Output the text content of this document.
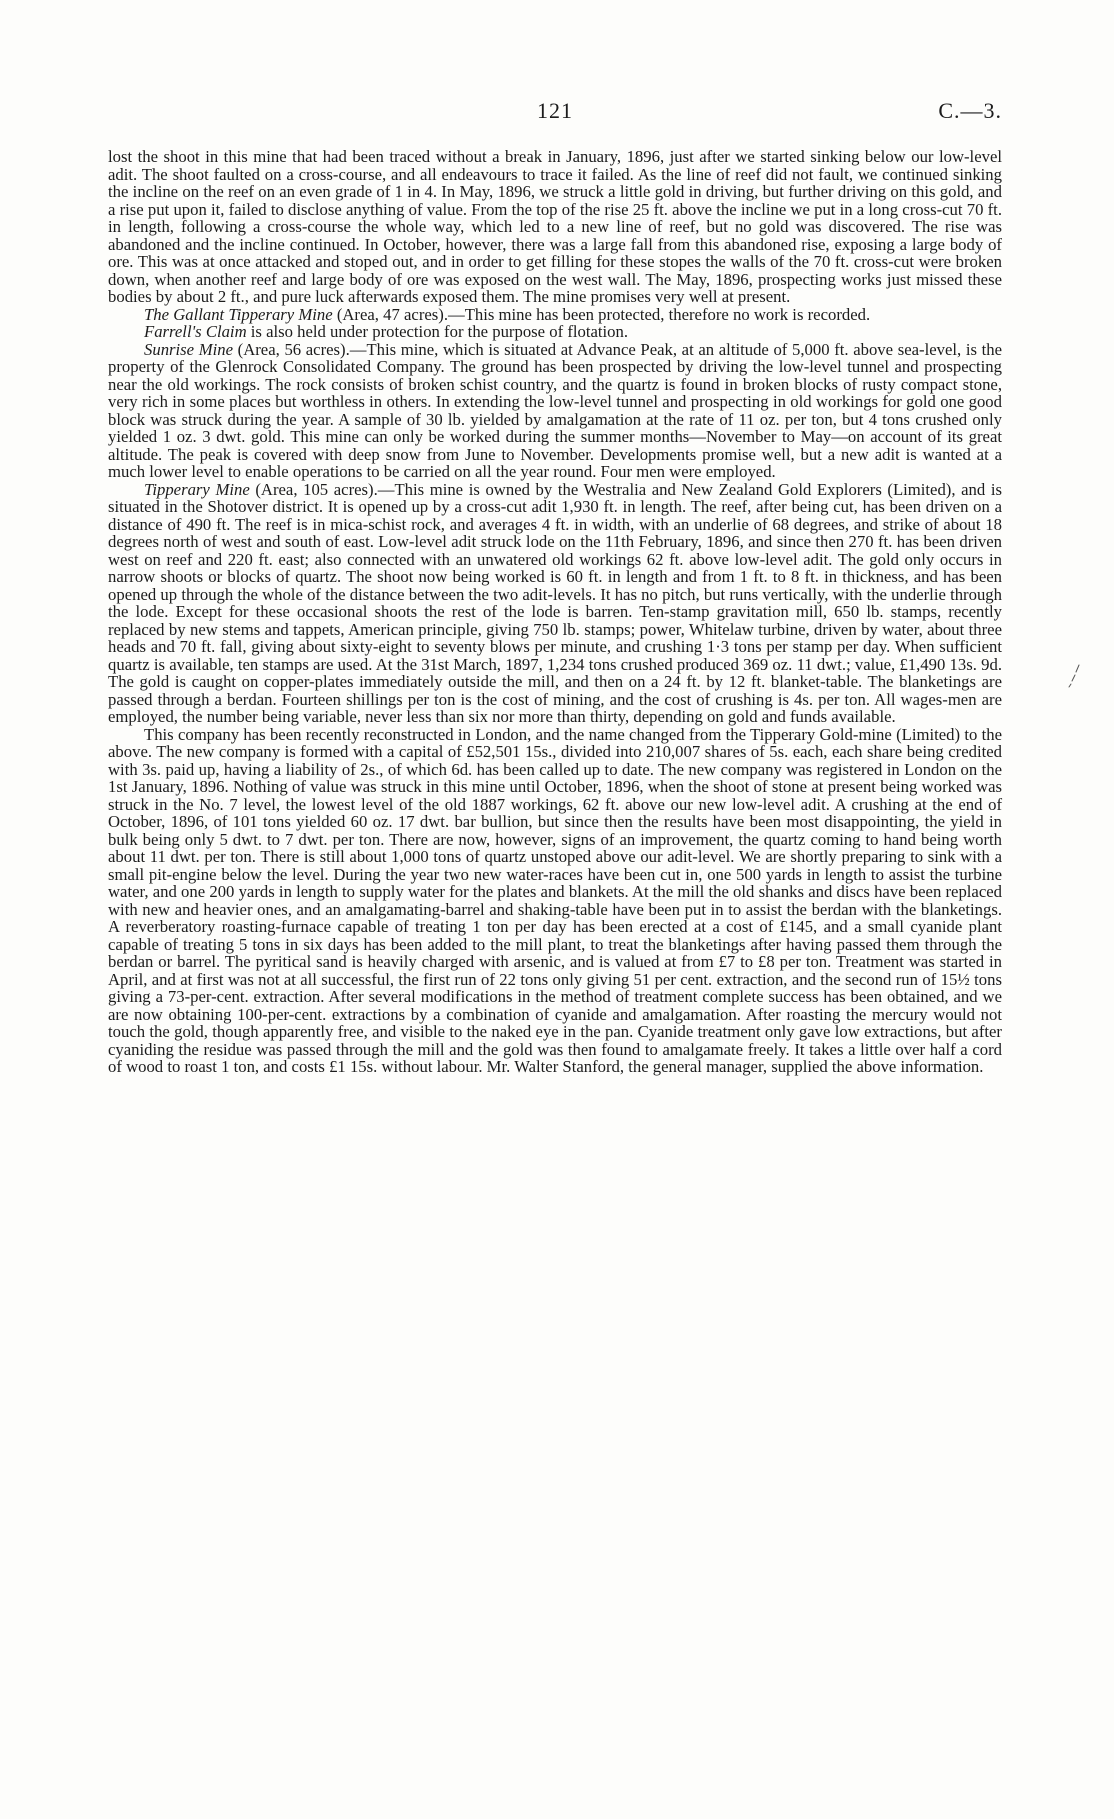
121	C.—3.

lost the shoot in this mine that had been traced without a break in January, 1896, just after we started sinking below our low-level adit. The shoot faulted on a cross-course, and all endeavours to trace it failed. As the line of reef did not fault, we continued sinking the incline on the reef on an even grade of 1 in 4. In May, 1896, we struck a little gold in driving, but further driving on this gold, and a rise put upon it, failed to disclose anything of value. From the top of the rise 25 ft. above the incline we put in a long cross-cut 70 ft. in length, following a cross-course the whole way, which led to a new line of reef, but no gold was discovered. The rise was abandoned and the incline continued. In October, however, there was a large fall from this abandoned rise, exposing a large body of ore. This was at once attacked and stoped out, and in order to get filling for these stopes the walls of the 70 ft. cross-cut were broken down, when another reef and large body of ore was exposed on the west wall. The May, 1896, prospecting works just missed these bodies by about 2 ft., and pure luck afterwards exposed them. The mine promises very well at present.

The Gallant Tipperary Mine (Area, 47 acres).—This mine has been protected, therefore no work is recorded.

Farrell's Claim is also held under protection for the purpose of flotation.

Sunrise Mine (Area, 56 acres).—This mine, which is situated at Advance Peak, at an altitude of 5,000 ft. above sea-level, is the property of the Glenrock Consolidated Company. The ground has been prospected by driving the low-level tunnel and prospecting near the old workings. The rock consists of broken schist country, and the quartz is found in broken blocks of rusty compact stone, very rich in some places but worthless in others. In extending the low-level tunnel and prospecting in old workings for gold one good block was struck during the year. A sample of 30 lb. yielded by amalgamation at the rate of 11 oz. per ton, but 4 tons crushed only yielded 1 oz. 3 dwt. gold. This mine can only be worked during the summer months—November to May—on account of its great altitude. The peak is covered with deep snow from June to November. Developments promise well, but a new adit is wanted at a much lower level to enable operations to be carried on all the year round. Four men were employed.

Tipperary Mine (Area, 105 acres).—This mine is owned by the Westralia and New Zealand Gold Explorers (Limited), and is situated in the Shotover district. It is opened up by a cross-cut adit 1,930 ft. in length. The reef, after being cut, has been driven on a distance of 490 ft. The reef is in mica-schist rock, and averages 4 ft. in width, with an underlie of 68 degrees, and strike of about 18 degrees north of west and south of east. Low-level adit struck lode on the 11th February, 1896, and since then 270 ft. has been driven west on reef and 220 ft. east; also connected with an unwatered old workings 62 ft. above low-level adit. The gold only occurs in narrow shoots or blocks of quartz. The shoot now being worked is 60 ft. in length and from 1 ft. to 8 ft. in thickness, and has been opened up through the whole of the distance between the two adit-levels. It has no pitch, but runs vertically, with the underlie through the lode. Except for these occasional shoots the rest of the lode is barren. Ten-stamp gravitation mill, 650 lb. stamps, recently replaced by new stems and tappets, American principle, giving 750 lb. stamps; power, Whitelaw turbine, driven by water, about three heads and 70 ft. fall, giving about sixty-eight to seventy blows per minute, and crushing 1·3 tons per stamp per day. When sufficient quartz is available, ten stamps are used. At the 31st March, 1897, 1,234 tons crushed produced 369 oz. 11 dwt.; value, £1,490 13s. 9d. The gold is caught on copper-plates immediately outside the mill, and then on a 24 ft. by 12 ft. blanket-table. The blanketings are passed through a berdan. Fourteen shillings per ton is the cost of mining, and the cost of crushing is 4s. per ton. All wages-men are employed, the number being variable, never less than six nor more than thirty, depending on gold and funds available.

This company has been recently reconstructed in London, and the name changed from the Tipperary Gold-mine (Limited) to the above. The new company is formed with a capital of £52,501 15s., divided into 210,007 shares of 5s. each, each share being credited with 3s. paid up, having a liability of 2s., of which 6d. has been called up to date. The new company was registered in London on the 1st January, 1896. Nothing of value was struck in this mine until October, 1896, when the shoot of stone at present being worked was struck in the No. 7 level, the lowest level of the old 1887 workings, 62 ft. above our new low-level adit. A crushing at the end of October, 1896, of 101 tons yielded 60 oz. 17 dwt. bar bullion, but since then the results have been most disappointing, the yield in bulk being only 5 dwt. to 7 dwt. per ton. There are now, however, signs of an improvement, the quartz coming to hand being worth about 11 dwt. per ton. There is still about 1,000 tons of quartz unstoped above our adit-level. We are shortly preparing to sink with a small pit-engine below the level. During the year two new water-races have been cut in, one 500 yards in length to assist the turbine water, and one 200 yards in length to supply water for the plates and blankets. At the mill the old shanks and discs have been replaced with new and heavier ones, and an amalgamating-barrel and shaking-table have been put in to assist the berdan with the blanketings. A reverberatory roasting-furnace capable of treating 1 ton per day has been erected at a cost of £145, and a small cyanide plant capable of treating 5 tons in six days has been added to the mill plant, to treat the blanketings after having passed them through the berdan or barrel. The pyritical sand is heavily charged with arsenic, and is valued at from £7 to £8 per ton. Treatment was started in April, and at first was not at all successful, the first run of 22 tons only giving 51 per cent. extraction, and the second run of 15½ tons giving a 73-per-cent. extraction. After several modifications in the method of treatment complete success has been obtained, and we are now obtaining 100-per-cent. extractions by a combination of cyanide and amalgamation. After roasting the mercury would not touch the gold, though apparently free, and visible to the naked eye in the pan. Cyanide treatment only gave low extractions, but after cyaniding the residue was passed through the mill and the gold was then found to amalgamate freely. It takes a little over half a cord of wood to roast 1 ton, and costs £1 15s. without labour. Mr. Walter Stanford, the general manager, supplied the above information.
